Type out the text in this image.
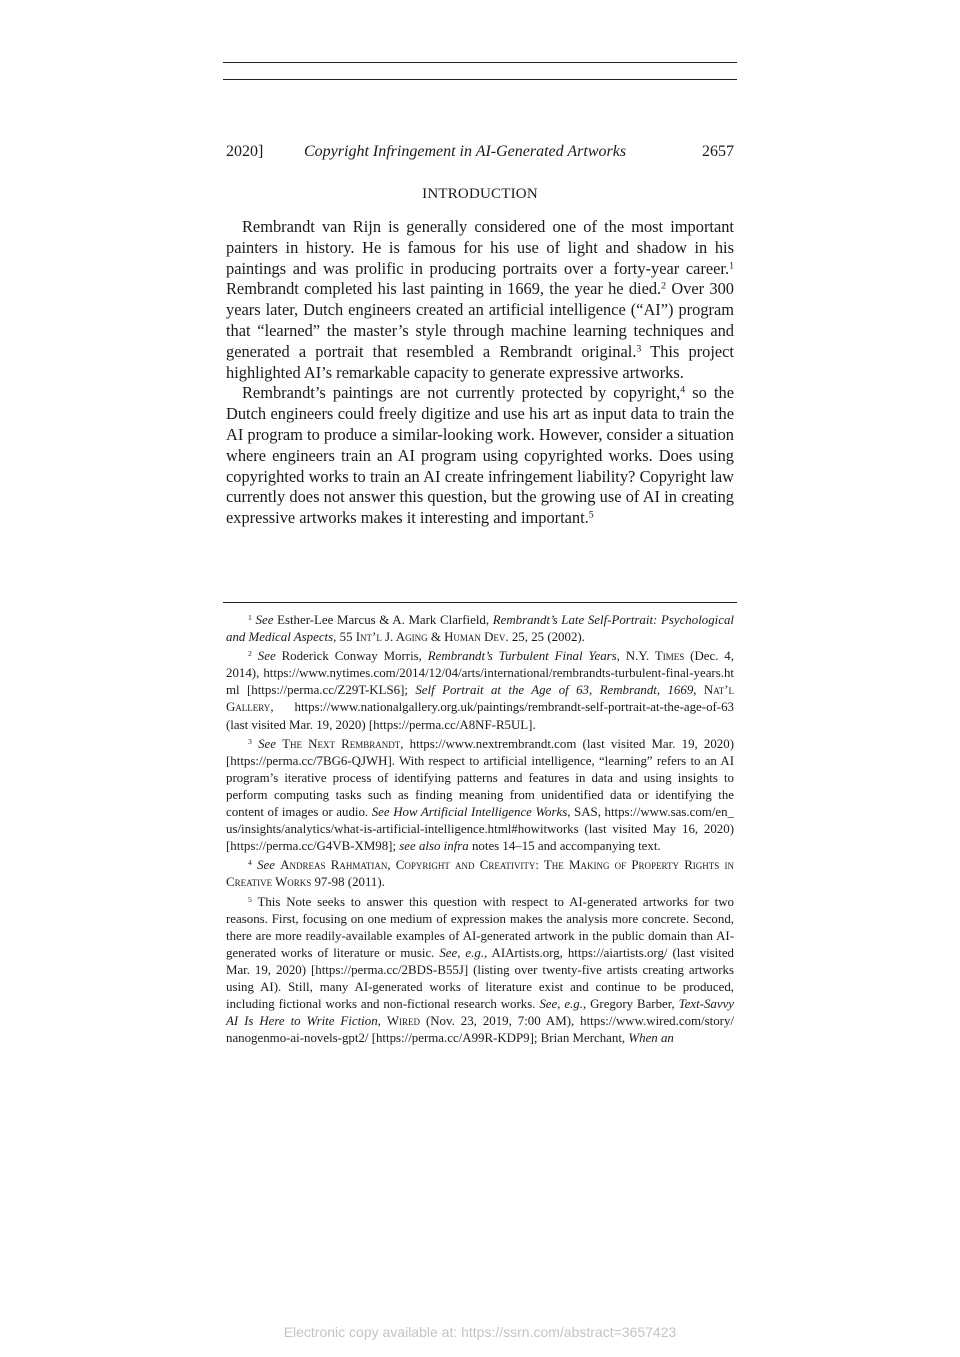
2020]	Copyright Infringement in AI-Generated Artworks	2657
INTRODUCTION

Rembrandt van Rijn is generally considered one of the most important painters in history. He is famous for his use of light and shadow in his paintings and was prolific in producing portraits over a forty-year career.$^1$ Rembrandt completed his last painting in 1669, the year he died.$^2$ Over 300 years later, Dutch engineers created an artificial intelligence (“AI”) program that “learned” the master’s style through machine learning techniques and generated a portrait that resembled a Rembrandt original.$^3$ This project highlighted AI’s remarkable capacity to generate expressive artworks.

Rembrandt’s paintings are not currently protected by copyright,$^4$ so the Dutch engineers could freely digitize and use his art as input data to train the AI program to produce a similar-looking work. However, consider a situation where engineers train an AI program using copyrighted works. Does using copyrighted works to train an AI create infringement liability? Copyright law currently does not answer this question, but the growing use of AI in creating expressive artworks makes it interesting and important.$^5$

$^1$ See Esther-Lee Marcus & A. Mark Clarfield, Rembrandt’s Late Self-Portrait: Psychological and Medical Aspects, 55 Int’l J. Aging & Human Dev. 25, 25 (2002).

$^2$ See Roderick Conway Morris, Rembrandt’s Turbulent Final Years, N.Y. Times (Dec. 4, 2014), https://www.nytimes.com/2014/12/04/arts/international/rembrandts-turbulent-final-years.html [https://perma.cc/Z29T-KLS6]; Self Portrait at the Age of 63, Rembrandt, 1669, Nat’l Gallery, https://www.nationalgallery.org.uk/paintings/rembrandt-self-portrait-at-the-age-of-63 (last visited Mar. 19, 2020) [https://perma.cc/A8NF-R5UL].

$^3$ See The Next Rembrandt, https://www.nextrembrandt.com (last visited Mar. 19, 2020) [https://perma.cc/7BG6-QJWH]. With respect to artificial intelligence, “learning” refers to an AI program’s iterative process of identifying patterns and features in data and using insights to perform computing tasks such as finding meaning from unidentified data or identifying the content of images or audio. See How Artificial Intelligence Works, SAS, https://www.sas.com/en_us/insights/analytics/what-is-artificial-intelligence.html#howitworks (last visited May 16, 2020) [https://perma.cc/G4VB-XM98]; see also infra notes 14–15 and accompanying text.

$^4$ See Andreas Rahmatian, Copyright and Creativity: The Making of Property Rights in Creative Works 97-98 (2011).

$^5$ This Note seeks to answer this question with respect to AI-generated artworks for two reasons. First, focusing on one medium of expression makes the analysis more concrete. Second, there are more readily-available examples of AI-generated artwork in the public domain than AI-generated works of literature or music. See, e.g., AIArtists.org, https://aiartists.org/ (last visited Mar. 19, 2020) [https://perma.cc/2BDS-B55J] (listing over twenty-five artists creating artworks using AI). Still, many AI-generated works of literature exist and continue to be produced, including fictional works and non-fictional research works. See, e.g., Gregory Barber, Text-Savvy AI Is Here to Write Fiction, Wired (Nov. 23, 2019, 7:00 AM), https://www.wired.com/story/ nanogenmo-ai-novels-gpt2/ [https://perma.cc/A99R-KDP9]; Brian Merchant, When an

Electronic copy available at: https://ssrn.com/abstract=3657423
